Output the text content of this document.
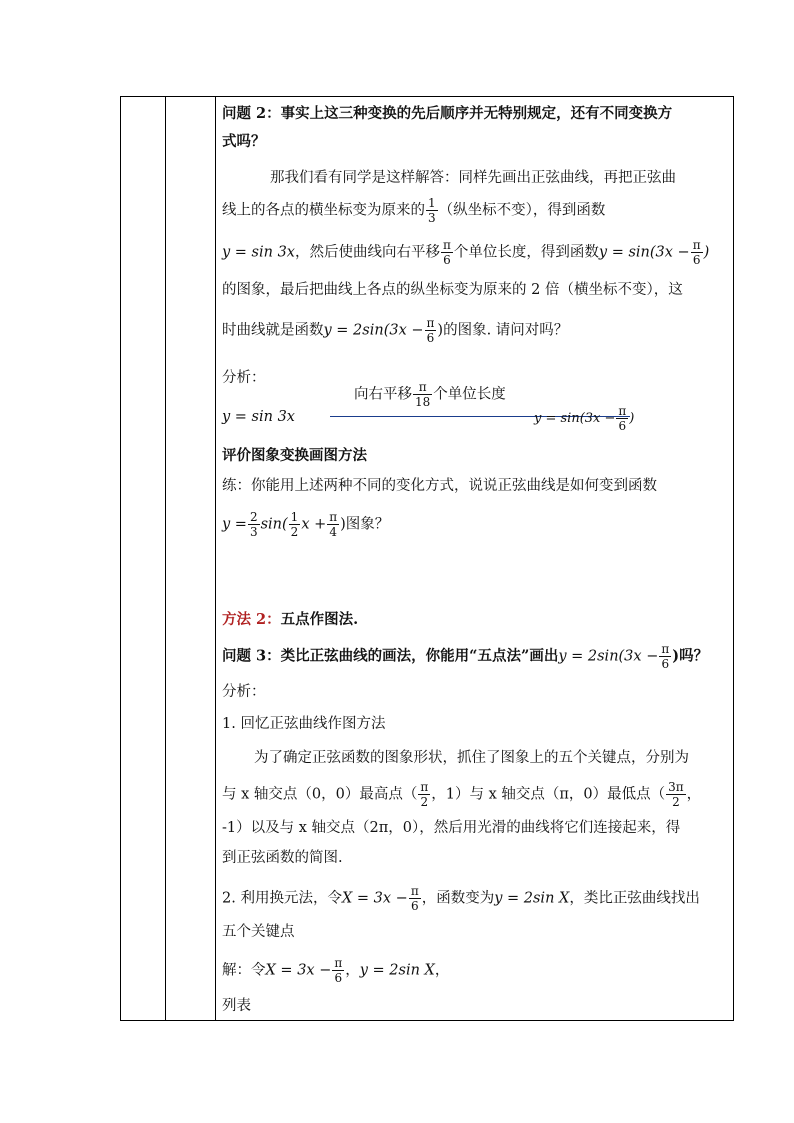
问题 2：事实上这三种变换的先后顺序并无特别规定，还有不同变换方
式吗？
那我们看有同学是这样解答：同样先画出正弦曲线，再把正弦曲
线上的各点的横坐标变为原来的 $\frac{1}{3}$ （纵坐标不变），得到函数
y = sin 3x，然后使曲线向右平移 $\frac{\pi}{6}$ 个单位长度，得到函数$y = \sin(3x - \frac{\pi}{6}$ )
的图象，最后把曲线上各点的纵坐标变为原来的 2 倍（横坐标不变），这
时曲线就是函数$y = 2\sin(3x - \frac{\pi}{6}$ )的图象. 请问对吗？
分析：
向右平移 $\frac{\pi}{18}$ 个单位长度
y = sin 3x	$y = \sin(3x - \frac{\pi}{6}$ )
评价图象变换画图方法
练：你能用上述两种不同的变化方式，说说正弦曲线是如何变到函数
$y = \frac{2}{3} \sin( \frac{1}{2}$ $x + \frac{\pi}{4}$ )图象？
方法 2：五点作图法.
问题 3：类比正弦曲线的画法，你能用“五点法”画出$y = 2\sin(3x - \frac{\pi}{6}$ )吗？
分析：
1. 回忆正弦曲线作图方法
为了确定正弦函数的图象形状，抓住了图象上的五个关键点，分别为
与 x 轴交点（0，0）最高点（ $\frac{\pi}{2}$ ，1）与 x 轴交点（π，0）最低点（ $\frac{3\pi}{2}$ ，
-1）以及与 x 轴交点（2π，0），然后用光滑的曲线将它们连接起来，得
到正弦函数的简图.
2. 利用换元法，令$X = 3x - \frac{\pi}{6}$ ，函数变为y = 2sin X，类比正弦曲线找出
五个关键点
解：令$X = 3x - \frac{\pi}{6}$ ，y = 2sin X，
列表
